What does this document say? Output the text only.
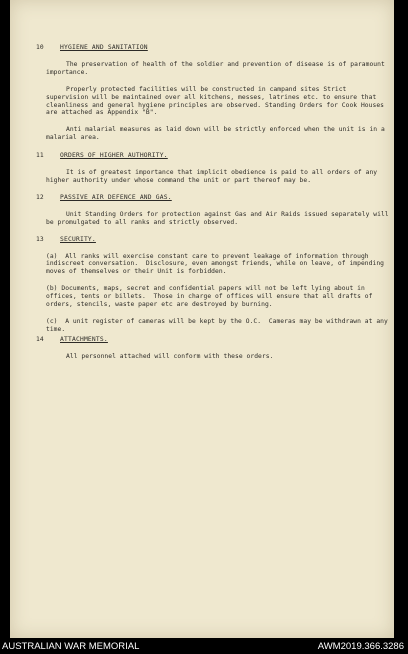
10	HYGIENE AND SANITATION

The preservation of health of the soldier and prevention of disease is of paramount importance.

Properly protected facilities will be constructed in campand sites Strict supervision will be maintained over all kitchens, messes, latrines etc. to ensure that cleanliness and general hygiene principles are observed. Standing Orders for Cook Houses are attached as Appendix "B".

Anti malarial measures as laid down will be strictly enforced when the unit is in a malarial area.

11	ORDERS OF HIGHER AUTHORITY.

It is of greatest importance that implicit obedience is paid to all orders of any higher authority under whose command the unit or part thereof may be.

12	PASSIVE AIR DEFENCE AND GAS.

Unit Standing Orders for protection against Gas and Air Raids issued separately will be promulgated to all ranks and strictly observed.

13	SECURITY.

(a)  All ranks will exercise constant care to prevent leakage of information through indiscreet conversation.  Disclosure, even amongst friends, while on leave, of impending moves of themselves or their Unit is forbidden.

(b) Documents, maps, secret and confidential papers will not be left lying about in offices, tents or billets.  Those in charge of offices will ensure that all drafts of orders, stencils, waste paper etc are destroyed by burning.

(c)  A unit register of cameras will be kept by the O.C.  Cameras may be withdrawn at any time.

14	ATTACHMENTS.

All personnel attached will conform with these orders.

AUSTRALIAN WAR MEMORIAL	AWM2019.366.3286
